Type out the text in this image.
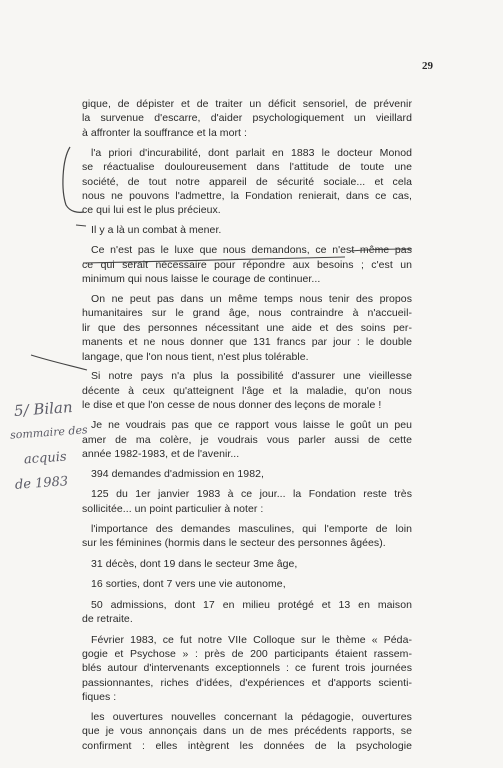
29
gique, de dépister et de traiter un déficit sensoriel, de prévenir
la survenue d'escarre, d'aider psychologiquement un vieillard
à affronter la souffrance et la mort :
l'a priori d'incurabilité, dont parlait en 1883 le docteur Monod
se réactualise douloureusement dans l'attitude de toute une
société, de tout notre appareil de sécurité sociale... et cela
nous ne pouvons l'admettre, la Fondation renierait, dans ce cas,
ce qui lui est le plus précieux.
Il y a là un combat à mener.
Ce n'est pas le luxe que nous demandons, ce n'est même pas
ce qui serait nécessaire pour répondre aux besoins ; c'est un
minimum qui nous laisse le courage de continuer...
On ne peut pas dans un même temps nous tenir des propos
humanitaires sur le grand âge, nous contraindre à n'accueil-
lir que des personnes nécessitant une aide et des soins per-
manents et ne nous donner que 131 francs par jour : le double
langage, que l'on nous tient, n'est plus tolérable.
Si notre pays n'a plus la possibilité d'assurer une vieillesse
décente à ceux qu'atteignent l'âge et la maladie, qu'on nous
le dise et que l'on cesse de nous donner des leçons de morale !
Je ne voudrais pas que ce rapport vous laisse le goût un peu
amer de ma colère, je voudrais vous parler aussi de cette
année 1982-1983, et de l'avenir...
394 demandes d'admission en 1982,
125 du 1er janvier 1983 à ce jour... la Fondation reste très
sollicitée... un point particulier à noter :
l'importance des demandes masculines, qui l'emporte de loin
sur les féminines (hormis dans le secteur des personnes âgées).
31 décès, dont 19 dans le secteur 3me âge,
16 sorties, dont 7 vers une vie autonome,
50 admissions, dont 17 en milieu protégé et 13 en maison
de retraite.
Février 1983, ce fut notre VIIe Colloque sur le thème « Péda-
gogie et Psychose » : près de 200 participants étaient rassem-
blés autour d'intervenants exceptionnels : ce furent trois journées
passionnantes, riches d'idées, d'expériences et d'apports scienti-
fiques :
les ouvertures nouvelles concernant la pédagogie, ouvertures
que je vous annonçais dans un de mes précédents rapports, se
confirment : elles intègrent les données de la psychologie
5/ Bilan
sommaire des
acquis
de 1983
